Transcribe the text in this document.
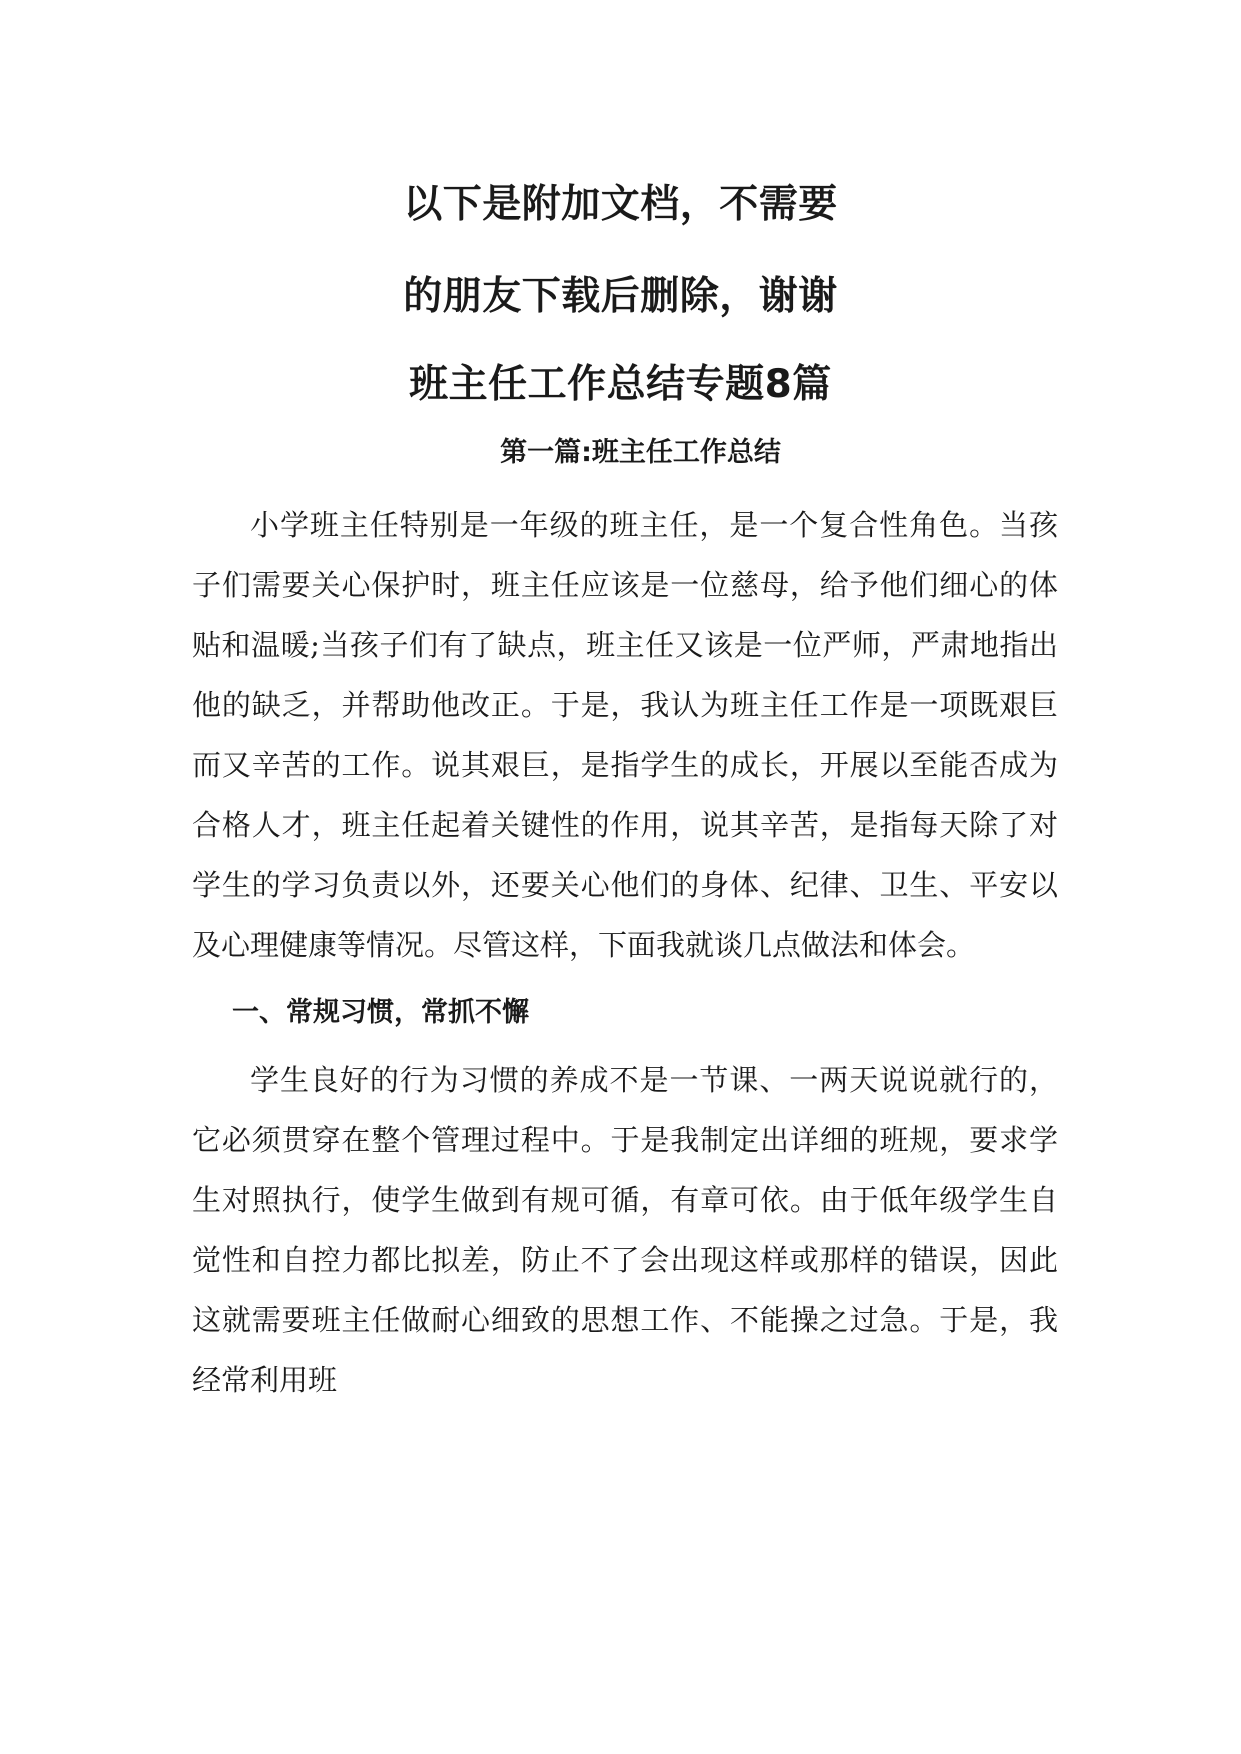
以下是附加文档，不需要
的朋友下载后删除，谢谢
班主任工作总结专题8篇
第一篇:班主任工作总结

小学班主任特别是一年级的班主任，是一个复合性角色。当孩子们需要关心保护时，班主任应该是一位慈母，给予他们细心的体贴和温暖;当孩子们有了缺点，班主任又该是一位严师，严肃地指出他的缺乏，并帮助他改正。于是，我认为班主任工作是一项既艰巨而又辛苦的工作。说其艰巨，是指学生的成长，开展以至能否成为合格人才，班主任起着关键性的作用，说其辛苦，是指每天除了对学生的学习负责以外，还要关心他们的身体、纪律、卫生、平安以及心理健康等情况。尽管这样，下面我就谈几点做法和体会。

一、常规习惯，常抓不懈

学生良好的行为习惯的养成不是一节课、一两天说说就行的，它必须贯穿在整个管理过程中。于是我制定出详细的班规，要求学生对照执行，使学生做到有规可循，有章可依。由于低年级学生自觉性和自控力都比拟差，防止不了会出现这样或那样的错误，因此这就需要班主任做耐心细致的思想工作、不能操之过急。于是，我经常利用班
